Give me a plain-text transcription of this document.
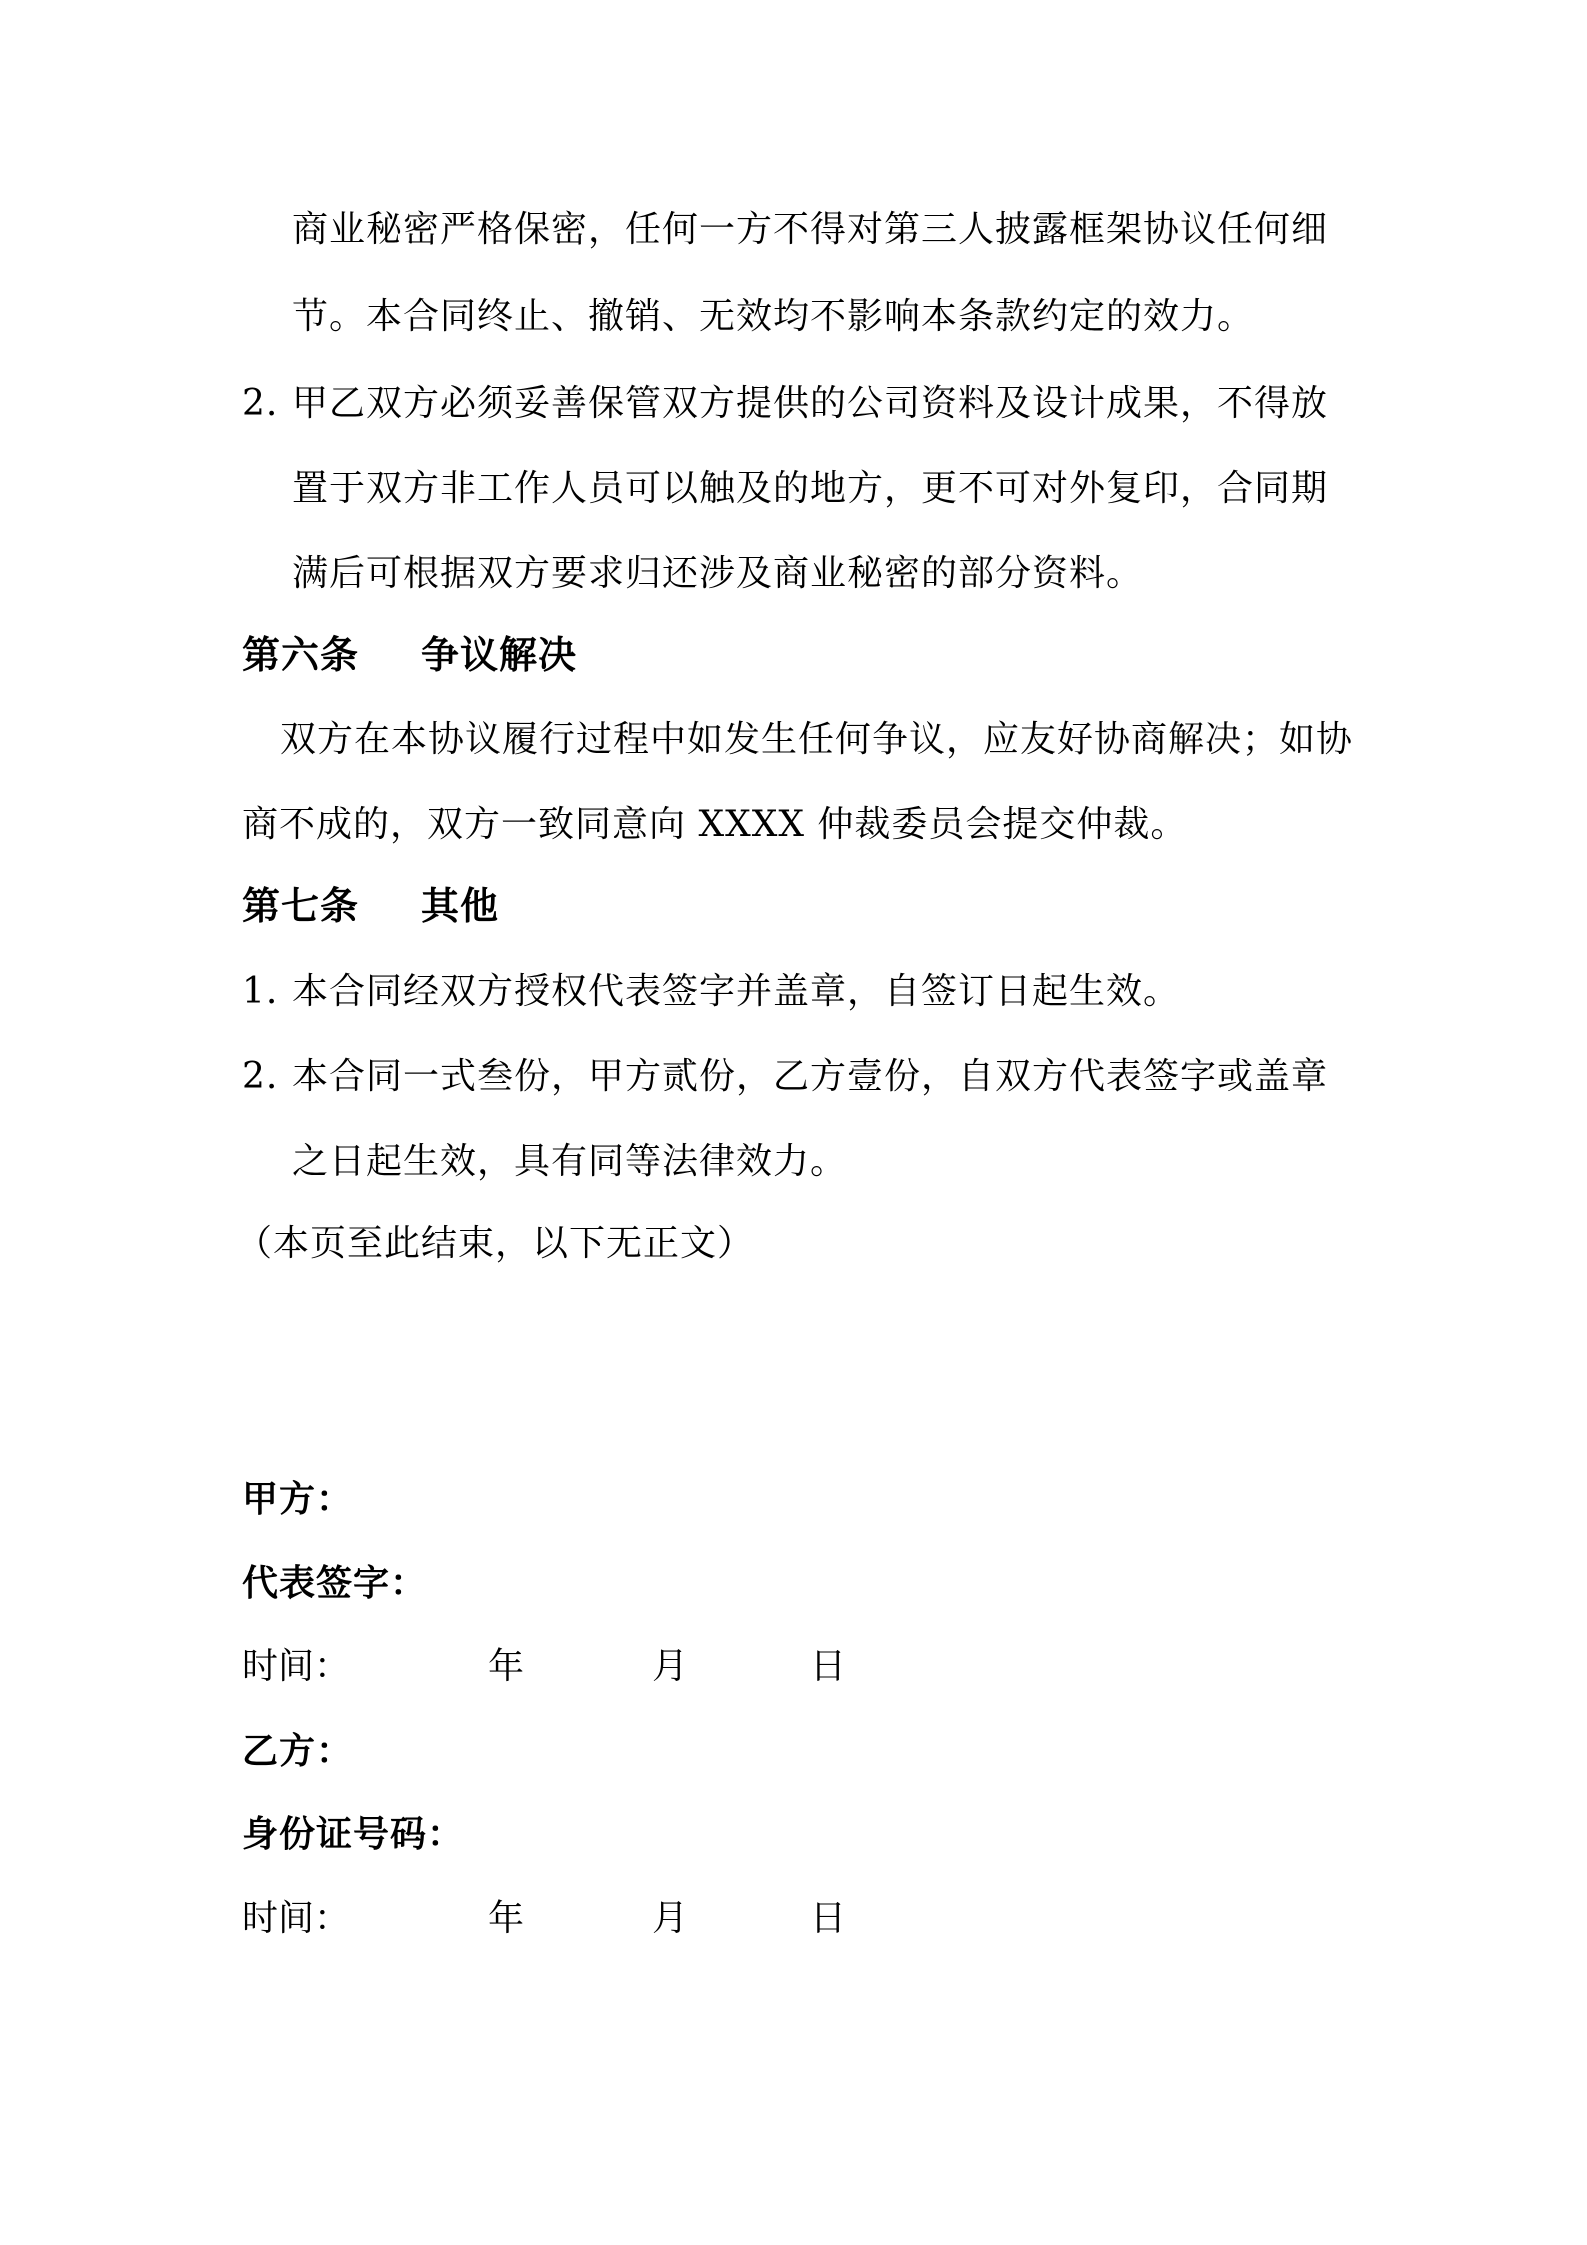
商业秘密严格保密，任何一方不得对第三人披露框架协议任何细
节。本合同终止、撤销、无效均不影响本条款约定的效力。
2. 甲乙双方必须妥善保管双方提供的公司资料及设计成果，不得放
置于双方非工作人员可以触及的地方，更不可对外复印，合同期
满后可根据双方要求归还涉及商业秘密的部分资料。
第六条 争议解决
双方在本协议履行过程中如发生任何争议，应友好协商解决；如协
商不成的，双方一致同意向 XXXX 仲裁委员会提交仲裁。
第七条 其他
1. 本合同经双方授权代表签字并盖章，自签订日起生效。
2. 本合同一式叁份，甲方贰份，乙方壹份，自双方代表签字或盖章
之日起生效，具有同等法律效力。
（本页至此结束，以下无正文）
甲方：
代表签字：
时间：	年	月	日
乙方：
身份证号码：
时间：	年	月	日
